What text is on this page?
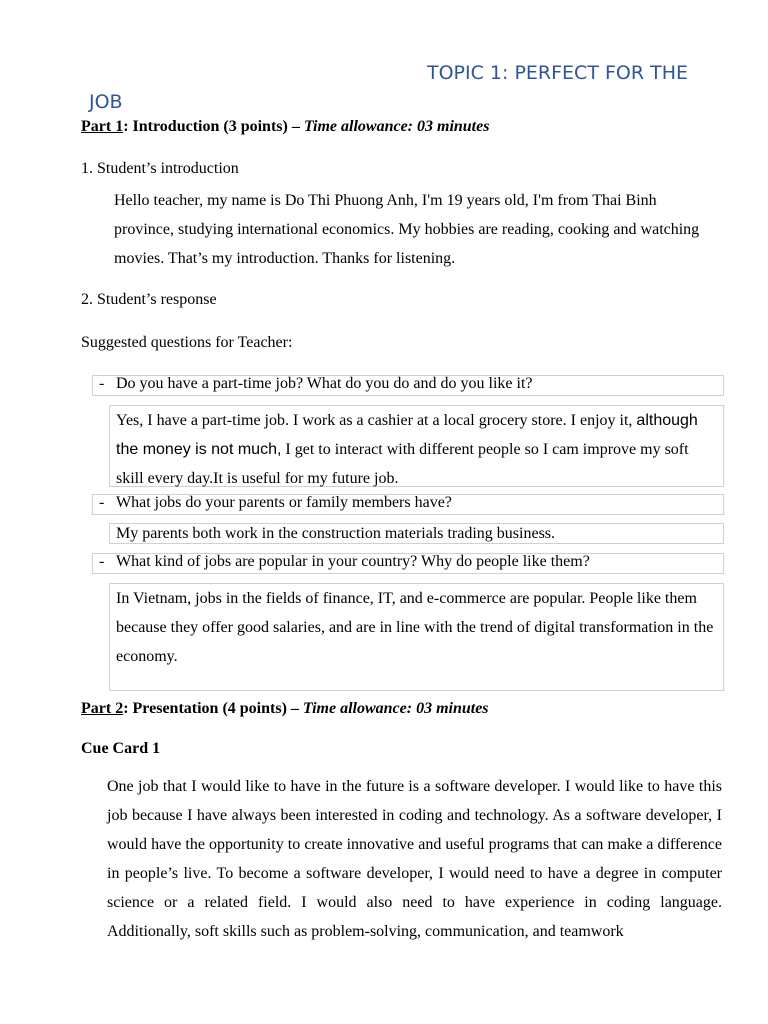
TOPIC 1: PERFECT FOR THE
JOB
Part 1: Introduction (3 points) – Time allowance: 03 minutes
1. Student’s introduction
Hello teacher, my name is Do Thi Phuong Anh, I'm 19 years old, I'm from Thai Binh province, studying international economics. My hobbies are reading, cooking and watching movies. That’s my introduction. Thanks for listening.
2. Student’s response
Suggested questions for Teacher:
- Do you have a part-time job? What do you do and do you like it?
Yes, I have a part-time job. I work as a cashier at a local grocery store. I enjoy it, although the money is not much, I get to interact with different people so I cam improve my soft skill every day.It is useful for my future job.
- What jobs do your parents or family members have?
My parents both work in the construction materials trading business.
- What kind of jobs are popular in your country? Why do people like them?
In Vietnam, jobs in the fields of finance, IT, and e-commerce are popular. People like them because they offer good salaries, and are in line with the trend of digital transformation in the economy.
Part 2: Presentation (4 points) – Time allowance: 03 minutes
Cue Card 1
One job that I would like to have in the future is a software developer. I would like to have this job because I have always been interested in coding and technology. As a software developer, I would have the opportunity to create innovative and useful programs that can make a difference in people’s live. To become a software developer, I would need to have a degree in computer science or a related field. I would also need to have experience in coding language. Additionally, soft skills such as problem-solving, communication, and teamwork
